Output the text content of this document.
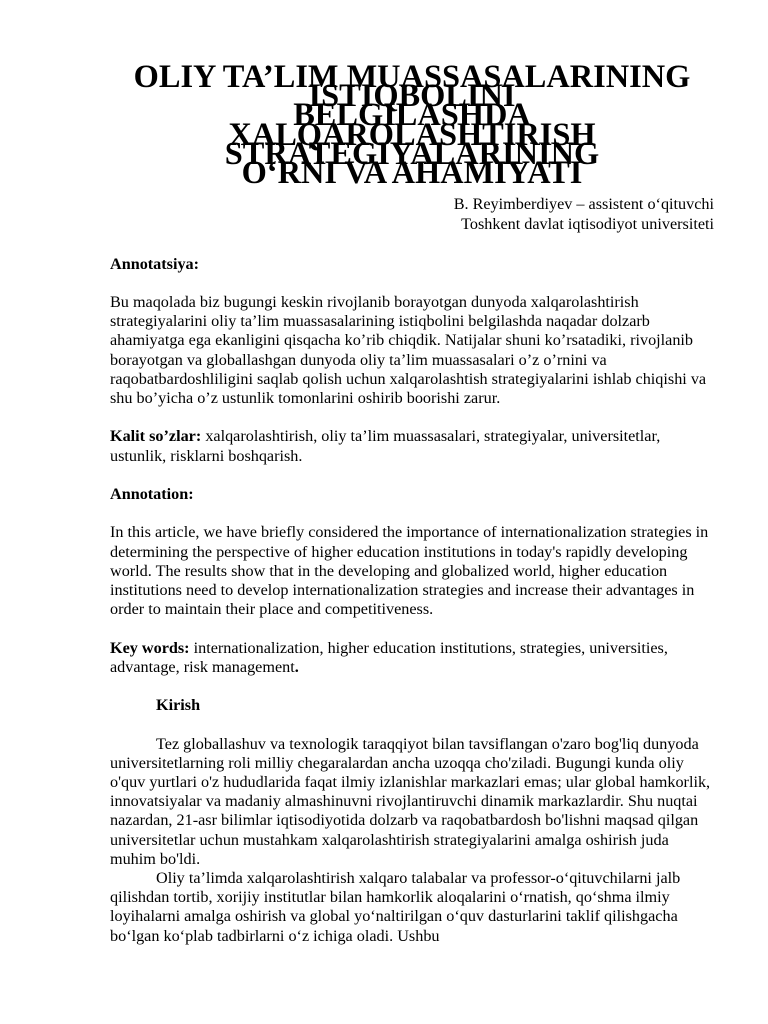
OLIY TA’LIM MUASSASALARINING ISTIQBOLINI
BELGILASHDA XALQAROLASHTIRISH STRATEGIYALARINING
O‘RNI VA AHAMIYATI
B. Reyimberdiyev – assistent o‘qituvchi
Toshkent davlat iqtisodiyot universiteti

Annotatsiya:

Bu maqolada biz bugungi keskin rivojlanib borayotgan dunyoda xalqarolashtirish strategiyalarini oliy ta’lim muassasalarining istiqbolini belgilashda naqadar dolzarb ahamiyatga ega ekanligini qisqacha ko’rib chiqdik. Natijalar shuni ko’rsatadiki, rivojlanib borayotgan va globallashgan dunyoda oliy ta’lim muassasalari o’z o’rnini va raqobatbardoshliligini saqlab qolish uchun xalqarolashtish strategiyalarini ishlab chiqishi va shu bo’yicha o’z ustunlik tomonlarini oshirib boorishi zarur.

Kalit so’zlar: xalqarolashtirish, oliy ta’lim muassasalari, strategiyalar, universitetlar, ustunlik, risklarni boshqarish.

Annotation:

In this article, we have briefly considered the importance of internationalization strategies in determining the perspective of higher education institutions in today's rapidly developing world. The results show that in the developing and globalized world, higher education institutions need to develop internationalization strategies and increase their advantages in order to maintain their place and competitiveness.

Key words: internationalization, higher education institutions, strategies, universities, advantage, risk management.

Kirish

Tez globallashuv va texnologik taraqqiyot bilan tavsiflangan o'zaro bog'liq dunyoda universitetlarning roli milliy chegaralardan ancha uzoqqa cho'ziladi. Bugungi kunda oliy o'quv yurtlari o'z hududlarida faqat ilmiy izlanishlar markazlari emas; ular global hamkorlik, innovatsiyalar va madaniy almashinuvni rivojlantiruvchi dinamik markazlardir. Shu nuqtai nazardan, 21-asr bilimlar iqtisodiyotida dolzarb va raqobatbardosh bo'lishni maqsad qilgan universitetlar uchun mustahkam xalqarolashtirish strategiyalarini amalga oshirish juda muhim bo'ldi.

Oliy ta’limda xalqarolashtirish xalqaro talabalar va professor-o‘qituvchilarni jalb qilishdan tortib, xorijiy institutlar bilan hamkorlik aloqalarini o‘rnatish, qo‘shma ilmiy loyihalarni amalga oshirish va global yo‘naltirilgan o‘quv dasturlarini taklif qilishgacha bo‘lgan ko‘plab tadbirlarni o‘z ichiga oladi. Ushbu
